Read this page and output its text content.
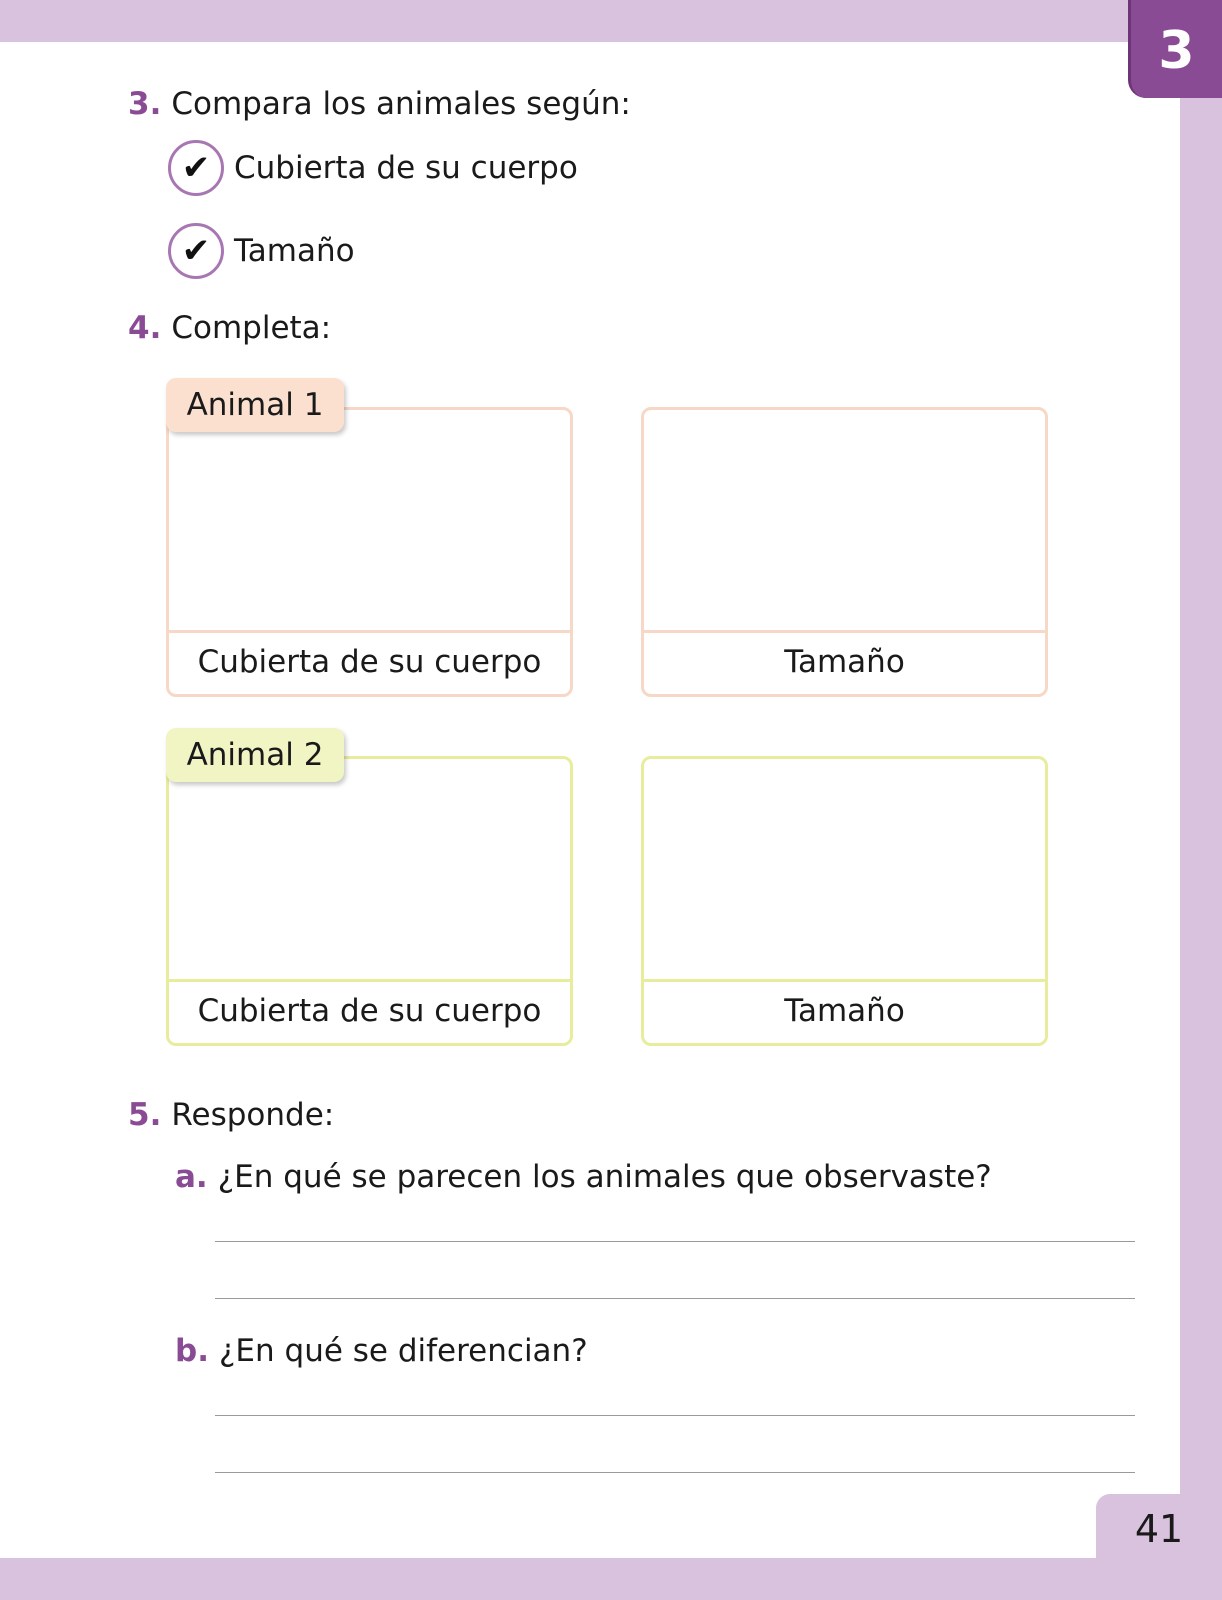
3
41
3. Compara los animales según:
✔ Cubierta de su cuerpo
✔ Tamaño
4. Completa:
Cubierta de su cuerpo	Tamaño
Animal 1
Cubierta de su cuerpo	Tamaño
Animal 2
5. Responde:
a. ¿En qué se parecen los animales que observaste?
b. ¿En qué se diferencian?
